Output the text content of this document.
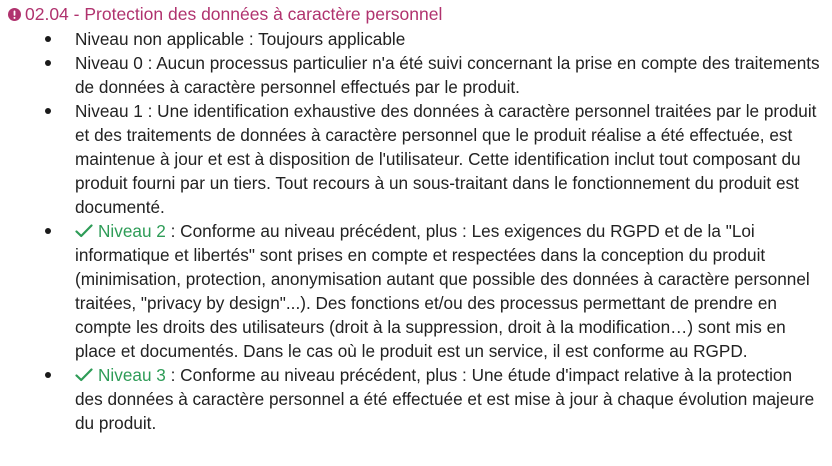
02.04 - Protection des données à caractère personnel
Niveau non applicable : Toujours applicable
Niveau 0 : Aucun processus particulier n'a été suivi concernant la prise en compte des traitements de données à caractère personnel effectués par le produit.
Niveau 1 : Une identification exhaustive des données à caractère personnel traitées par le produit et des traitements de données à caractère personnel que le produit réalise a été effectuée, est maintenue à jour et est à disposition de l'utilisateur. Cette identification inclut tout composant du produit fourni par un tiers. Tout recours à un sous-traitant dans le fonctionnement du produit est documenté.
Niveau 2 : Conforme au niveau précédent, plus : Les exigences du RGPD et de la "Loi informatique et libertés" sont prises en compte et respectées dans la conception du produit (minimisation, protection, anonymisation autant que possible des données à caractère personnel traitées, "privacy by design"...). Des fonctions et/ou des processus permettant de prendre en compte les droits des utilisateurs (droit à la suppression, droit à la modification…) sont mis en place et documentés. Dans le cas où le produit est un service, il est conforme au RGPD.
Niveau 3 : Conforme au niveau précédent, plus : Une étude d'impact relative à la protection des données à caractère personnel a été effectuée et est mise à jour à chaque évolution majeure du produit.
